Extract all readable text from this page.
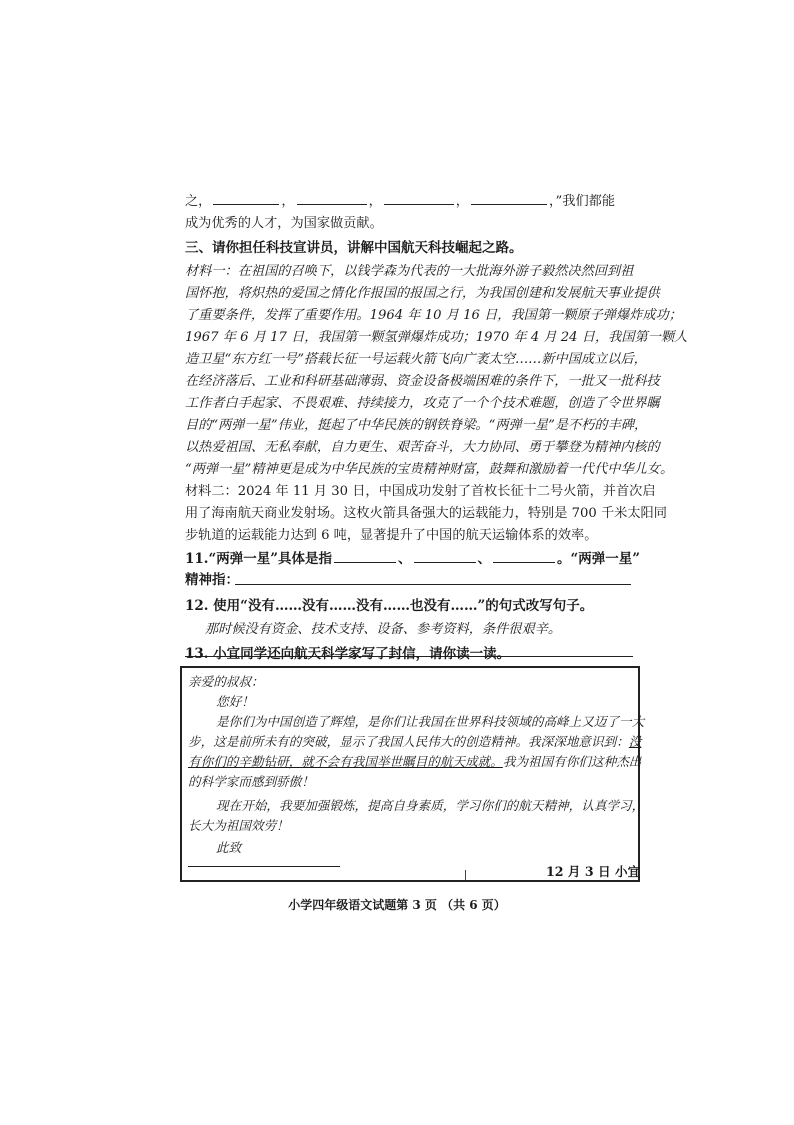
之，	，	，	，	，”我们都能
成为优秀的人才，为国家做贡献。
三、请你担任科技宣讲员，讲解中国航天科技崛起之路。
材料一：在祖国的召唤下，以钱学森为代表的一大批海外游子毅然决然回到祖
国怀抱，将炽热的爱国之情化作报国的报国之行，为我国创建和发展航天事业提供
了重要条件，发挥了重要作用。1964 年 10 月 16 日，我国第一颗原子弹爆炸成功；
1967 年 6 月 17 日，我国第一颗氢弹爆炸成功；1970 年 4 月 24 日，我国第一颗人
造卫星“东方红一号”搭载长征一号运载火箭飞向广袤太空……新中国成立以后，
在经济落后、工业和科研基础薄弱、资金设备极端困难的条件下，一批又一批科技
工作者白手起家、不畏艰难、持续接力，攻克了一个个技术难题，创造了令世界瞩
目的“两弹一星”伟业，挺起了中华民族的钢铁脊梁。“两弹一星”是不朽的丰碑，
以热爱祖国、无私奉献，自力更生、艰苦奋斗，大力协同、勇于攀登为精神内核的
“两弹一星”精神更是成为中华民族的宝贵精神财富，鼓舞和激励着一代代中华儿女。
材料二：2024 年 11 月 30 日，中国成功发射了首枚长征十二号火箭，并首次启
用了海南航天商业发射场。这枚火箭具备强大的运载能力，特别是 700 千米太阳同
步轨道的运载能力达到 6 吨，显著提升了中国的航天运输体系的效率。
11.“两弹一星”具体是指	、	、	。“两弹一星”
精神指：
12. 使用“没有……没有……没有……也没有……”的句式改写句子。
那时候没有资金、技术支持、设备、参考资料，条件很艰辛。
13. 小宜同学还向航天科学家写了封信，请你读一读。
亲爱的叔叔：
您好！
是你们为中国创造了辉煌，是你们让我国在世界科技领域的高峰上又迈了一大
步，这是前所未有的突破，显示了我国人民伟大的创造精神。我深深地意识到：没
有你们的辛勤钻研，就不会有我国举世瞩目的航天成就。我为祖国有你们这种杰出
的科学家而感到骄傲！
现在开始，我要加强锻炼，提高自身素质，学习你们的航天精神，认真学习，
长大为祖国效劳！
此致
12 月 3 日 小宜
小学四年级语文试题第 3 页 （共 6 页）
